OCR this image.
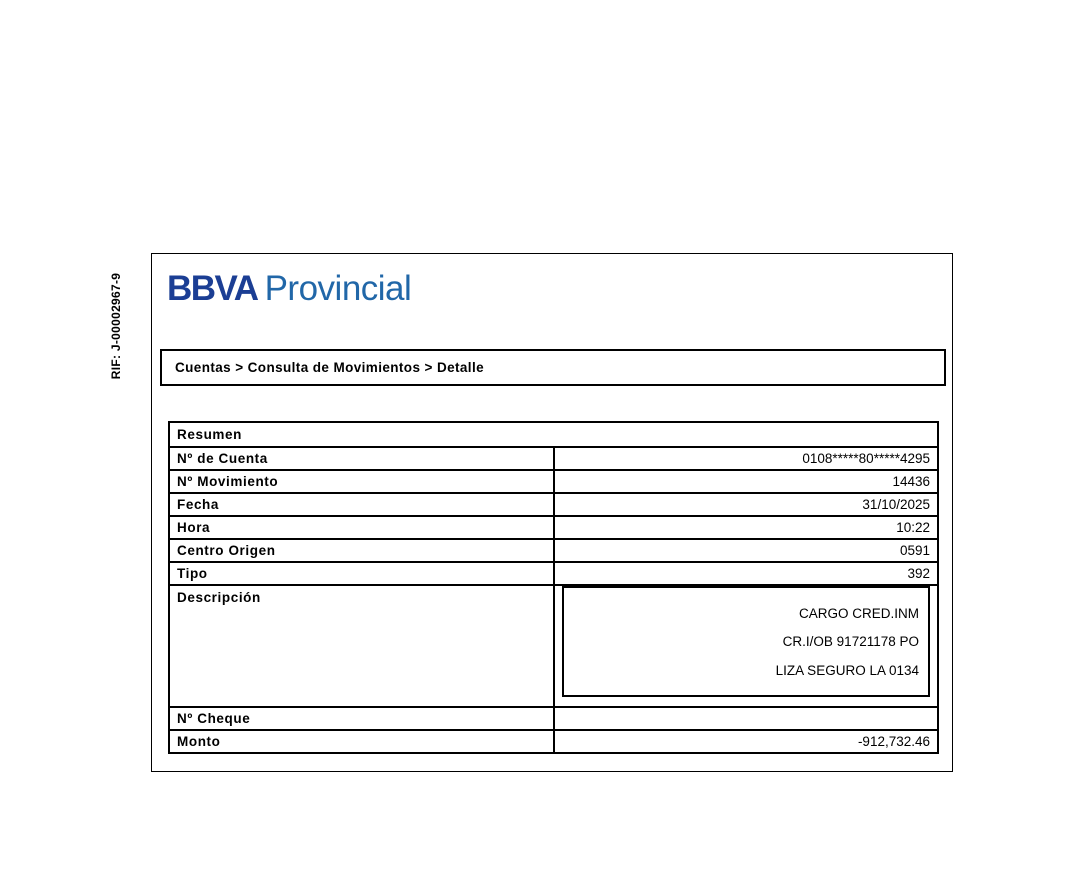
RIF: J-00002967-9 BBVA Provincial
Cuentas > Consulta de Movimientos > Detalle
Resumen	
Nº de Cuenta	0108*****80*****4295
Nº Movimiento	14436
Fecha	31/10/2025
Hora	10:22
Centro Origen	0591
Tipo	392
Descripción	CARGO CRED.INM
CR.I/OB 91721178 PO
LIZA SEGURO LA 0134

Nº Cheque	
Monto	-912,732.46
